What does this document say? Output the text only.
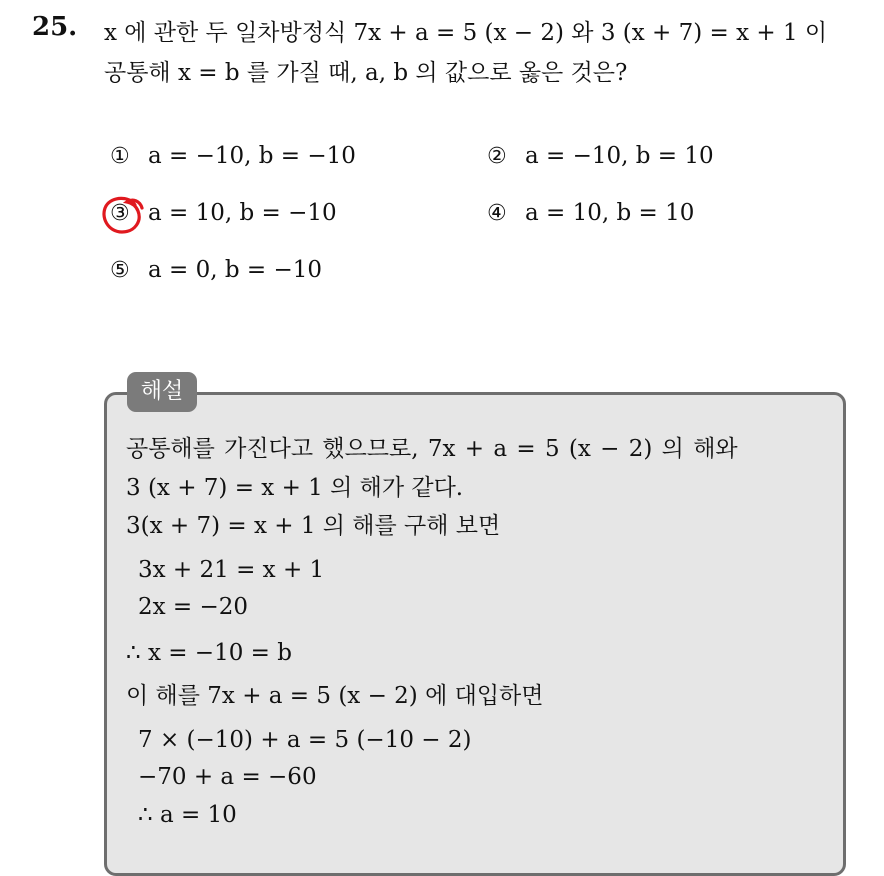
25. x 에 관한 두 일차방정식 7x + a = 5 (x − 2) 와 3 (x + 7) = x + 1 이
공통해 x = b 를 가질 때, a, b 의 값으로 옳은 것은?
① a = −10, b = −10	② a = −10, b = 10
③ a = 10, b = −10	④ a = 10, b = 10
⑤ a = 0, b = −10
해설
공통해를 가진다고 했으므로, 7x + a = 5 (x − 2) 의 해와
3 (x + 7) = x + 1 의 해가 같다.
3(x + 7) = x + 1 의 해를 구해 보면
3x + 21 = x + 1
2x = −20
∴ x = −10 = b
이 해를 7x + a = 5 (x − 2) 에 대입하면
7 × (−10) + a = 5 (−10 − 2)
−70 + a = −60
∴ a = 10
